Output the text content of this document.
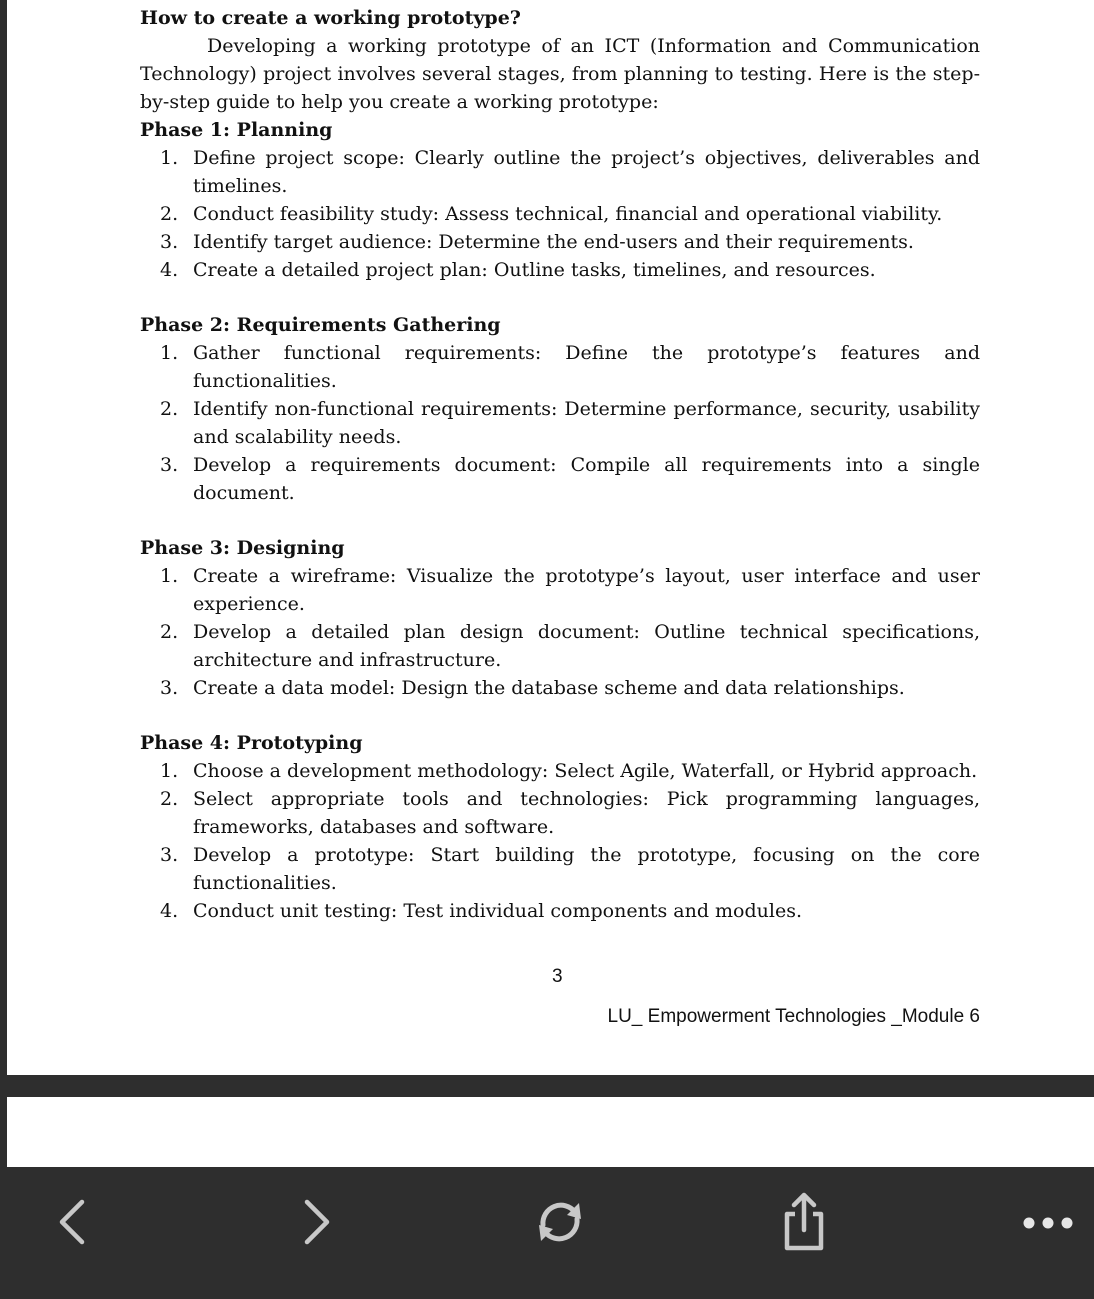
How to create a working prototype?

Developing a working prototype of an ICT (Information and Communication Technology) project involves several stages, from planning to testing. Here is the step-by-step guide to help you create a working prototype:

Phase 1: Planning

1. Define project scope: Clearly outline the project’s objectives, deliverables and timelines.
2. Conduct feasibility study: Assess technical, financial and operational viability.
3. Identify target audience: Determine the end-users and their requirements.
4. Create a detailed project plan: Outline tasks, timelines, and resources.

Phase 2: Requirements Gathering

1. Gather functional requirements: Define the prototype’s features and functionalities.
2. Identify non-functional requirements: Determine performance, security, usability and scalability needs.
3. Develop a requirements document: Compile all requirements into a single document.

Phase 3: Designing

1. Create a wireframe: Visualize the prototype’s layout, user interface and user experience.
2. Develop a detailed plan design document: Outline technical specifications, architecture and infrastructure.
3. Create a data model: Design the database scheme and data relationships.

Phase 4: Prototyping

1. Choose a development methodology: Select Agile, Waterfall, or Hybrid approach.
2. Select appropriate tools and technologies: Pick programming languages, frameworks, databases and software.
3. Develop a prototype: Start building the prototype, focusing on the core functionalities.
4. Conduct unit testing: Test individual components and modules.
3
LU_ Empowerment Technologies _Module 6
